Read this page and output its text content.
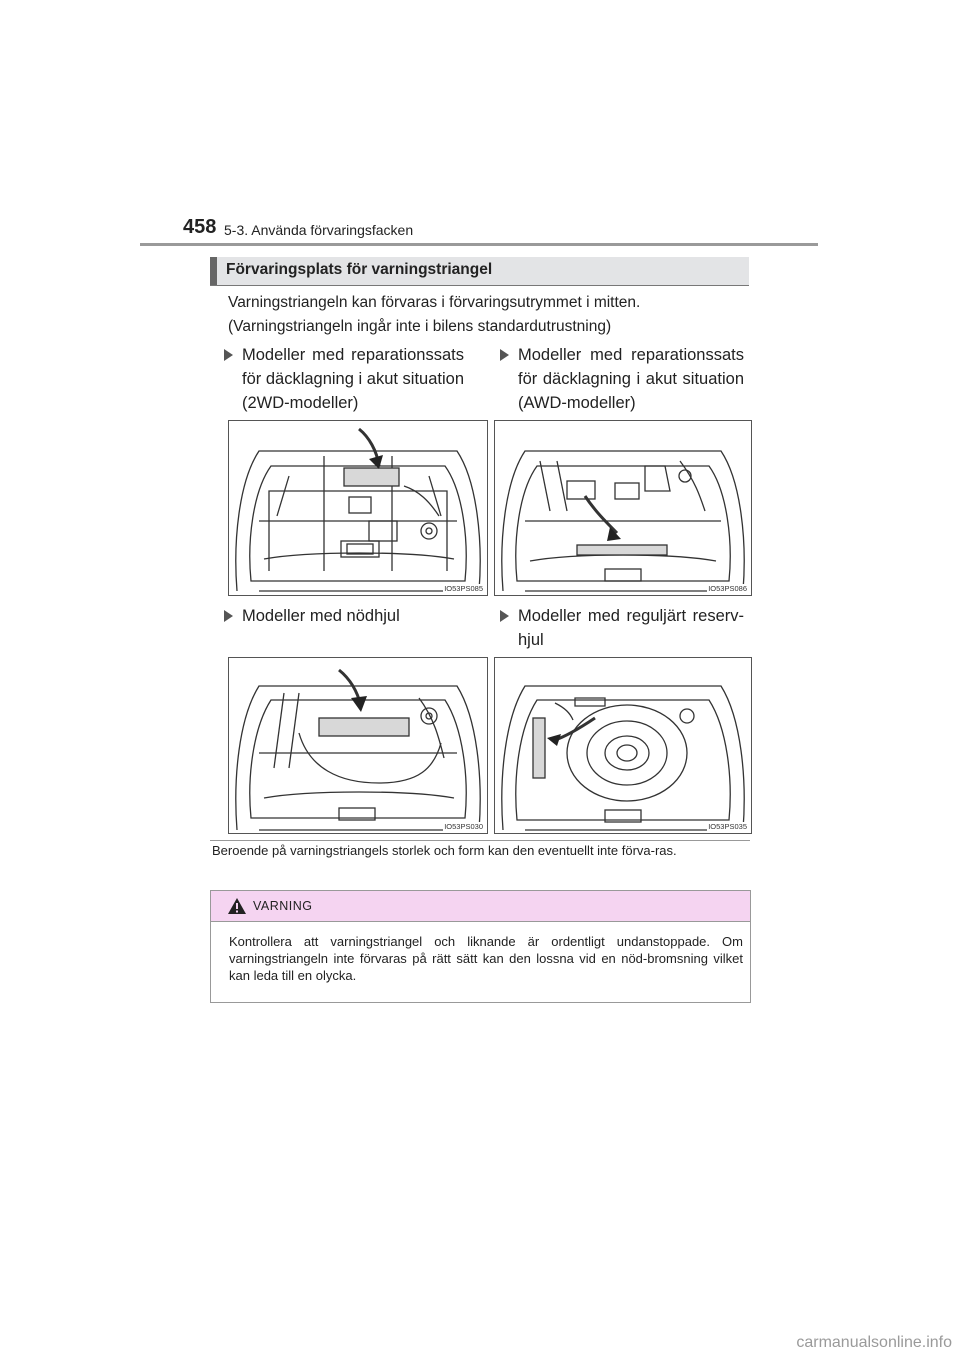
458 5-3. Använda förvaringsfacken
Förvaringsplats för varningstriangel
Varningstriangeln kan förvaras i förvaringsutrymmet i mitten.
(Varningstriangeln ingår inte i bilens standardutrustning)
Modeller med reparationssats för däcklagning i akut situation (2WD-modeller)
Modeller med reparationssats för däcklagning i akut situation (AWD-modeller)
Modeller med nödhjul	Modeller med reguljärt reserv-hjul
IO53PS085	IO53PS086
IO53PS030	IO53PS035
Beroende på varningstriangels storlek och form kan den eventuellt inte förva-ras.
VARNING
Kontrollera att varningstriangel och liknande är ordentligt undanstoppade. Om varningstriangeln inte förvaras på rätt sätt kan den lossna vid en nöd-bromsning vilket kan leda till en olycka.
carmanualsonline.info
